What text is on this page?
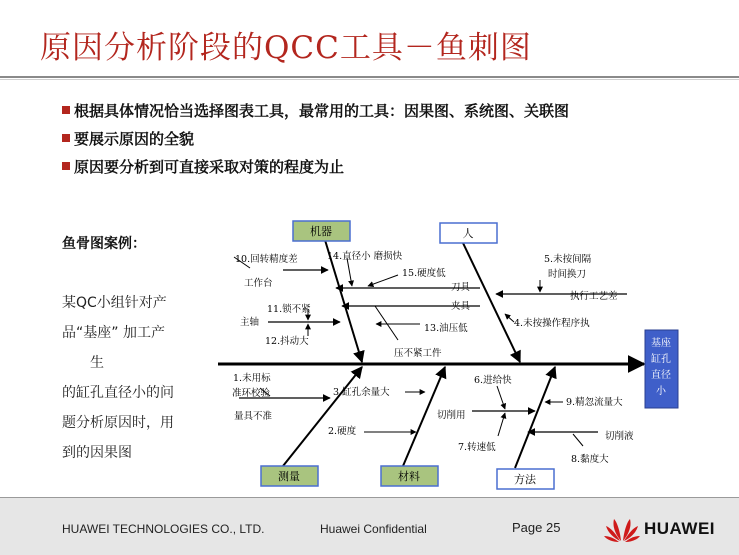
原因分析阶段的QCC工具－鱼刺图
根据具体情况恰当选择图表工具，最常用的工具：因果图、系统图、关联图
要展示原因的全貌
原因要分析到可直接采取对策的程度为止
鱼骨图案例：

某QC小组针对产

品“基座” 加工产

生

的缸孔直径小的问

题分析原因时，用

到的因果图

机器	人
测量	材料	方法
基座
缸孔
直径
小
10.回转精度差	14.直径小 磨损快
工作台
15.硬度低
刀具
11.锁不紧	夹具
主轴
13.油压低
12.抖动大
压不紧工件
5.未按间隔
时间换刀
执行工艺差
4.未按操作程序执
1.未用标
准环校验
量具不准
3.缸孔余量大
2.硬度
6.进给快
切削用
9.精忽流量大
切削液
7.转速低
8.黏度大
HUAWEI TECHNOLOGIES CO., LTD.	Huawei Confidential	Page 25	HUAWEI
